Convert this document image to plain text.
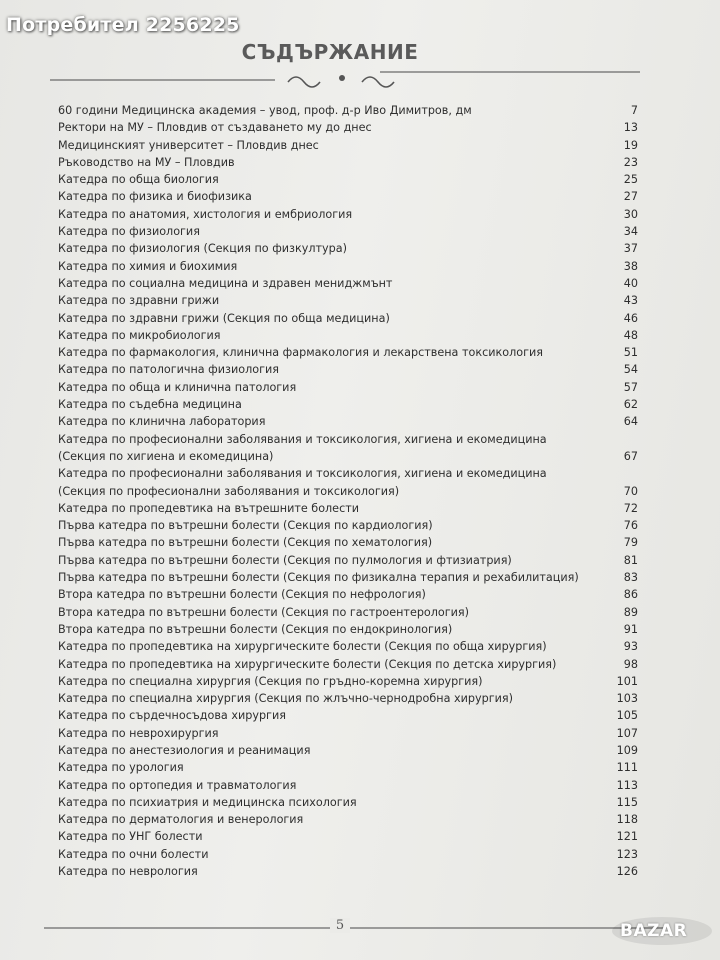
Потребител 2256225
СЪДЪРЖАНИЕ
60 години Медицинска академия – увод, проф. д-р Иво Димитров, дм	7
Ректори на МУ – Пловдив от създаването му до днес	13
Медицинският университет – Пловдив днес	19
Ръководство на МУ – Пловдив	23
Катедра по обща биология	25
Катедра по физика и биофизика	27
Катедра по анатомия, хистология и ембриология	30
Катедра по физиология	34
Катедра по физиология (Секция по физкултура)	37
Катедра по химия и биохимия	38
Катедра по социална медицина и здравен мениджмънт	40
Катедра по здравни грижи	43
Катедра по здравни грижи (Секция по обща медицина)	46
Катедра по микробиология	48
Катедра по фармакология, клинична фармакология и лекарствена токсикология	51
Катедра по патологична физиология	54
Катедра по обща и клинична патология	57
Катедра по съдебна медицина	62
Катедра по клинична лаборатория	64
Катедра по професионални заболявания и токсикология, хигиена и екомедицина
(Секция по хигиена и екомедицина)	67
Катедра по професионални заболявания и токсикология, хигиена и екомедицина
(Секция по професионални заболявания и токсикология)	70
Катедра по пропедевтика на вътрешните болести	72
Първа катедра по вътрешни болести (Секция по кардиология)	76
Първа катедра по вътрешни болести (Секция по хематология)	79
Първа катедра по вътрешни болести (Секция по пулмология и фтизиатрия)	81
Първа катедра по вътрешни болести (Секция по физикална терапия и рехабилитация)	83
Втора катедра по вътрешни болести (Секция по нефрология)	86
Втора катедра по вътрешни болести (Секция по гастроентерология)	89
Втора катедра по вътрешни болести (Секция по ендокринология)	91
Катедра по пропедевтика на хирургическите болести (Секция по обща хирургия)	93
Катедра по пропедевтика на хирургическите болести (Секция по детска хирургия)	98
Катедра по специална хирургия (Секция по гръдно-коремна хирургия)	101
Катедра по специална хирургия (Секция по жлъчно-чернодробна хирургия)	103
Катедра по сърдечносъдова хирургия	105
Катедра по неврохирургия	107
Катедра по анестезиология и реанимация	109
Катедра по урология	111
Катедра по ортопедия и травматология	113
Катедра по психиатрия и медицинска психология	115
Катедра по дерматология и венерология	118
Катедра по УНГ болести	121
Катедра по очни болести	123
Катедра по неврология	126
5	BAZAR
